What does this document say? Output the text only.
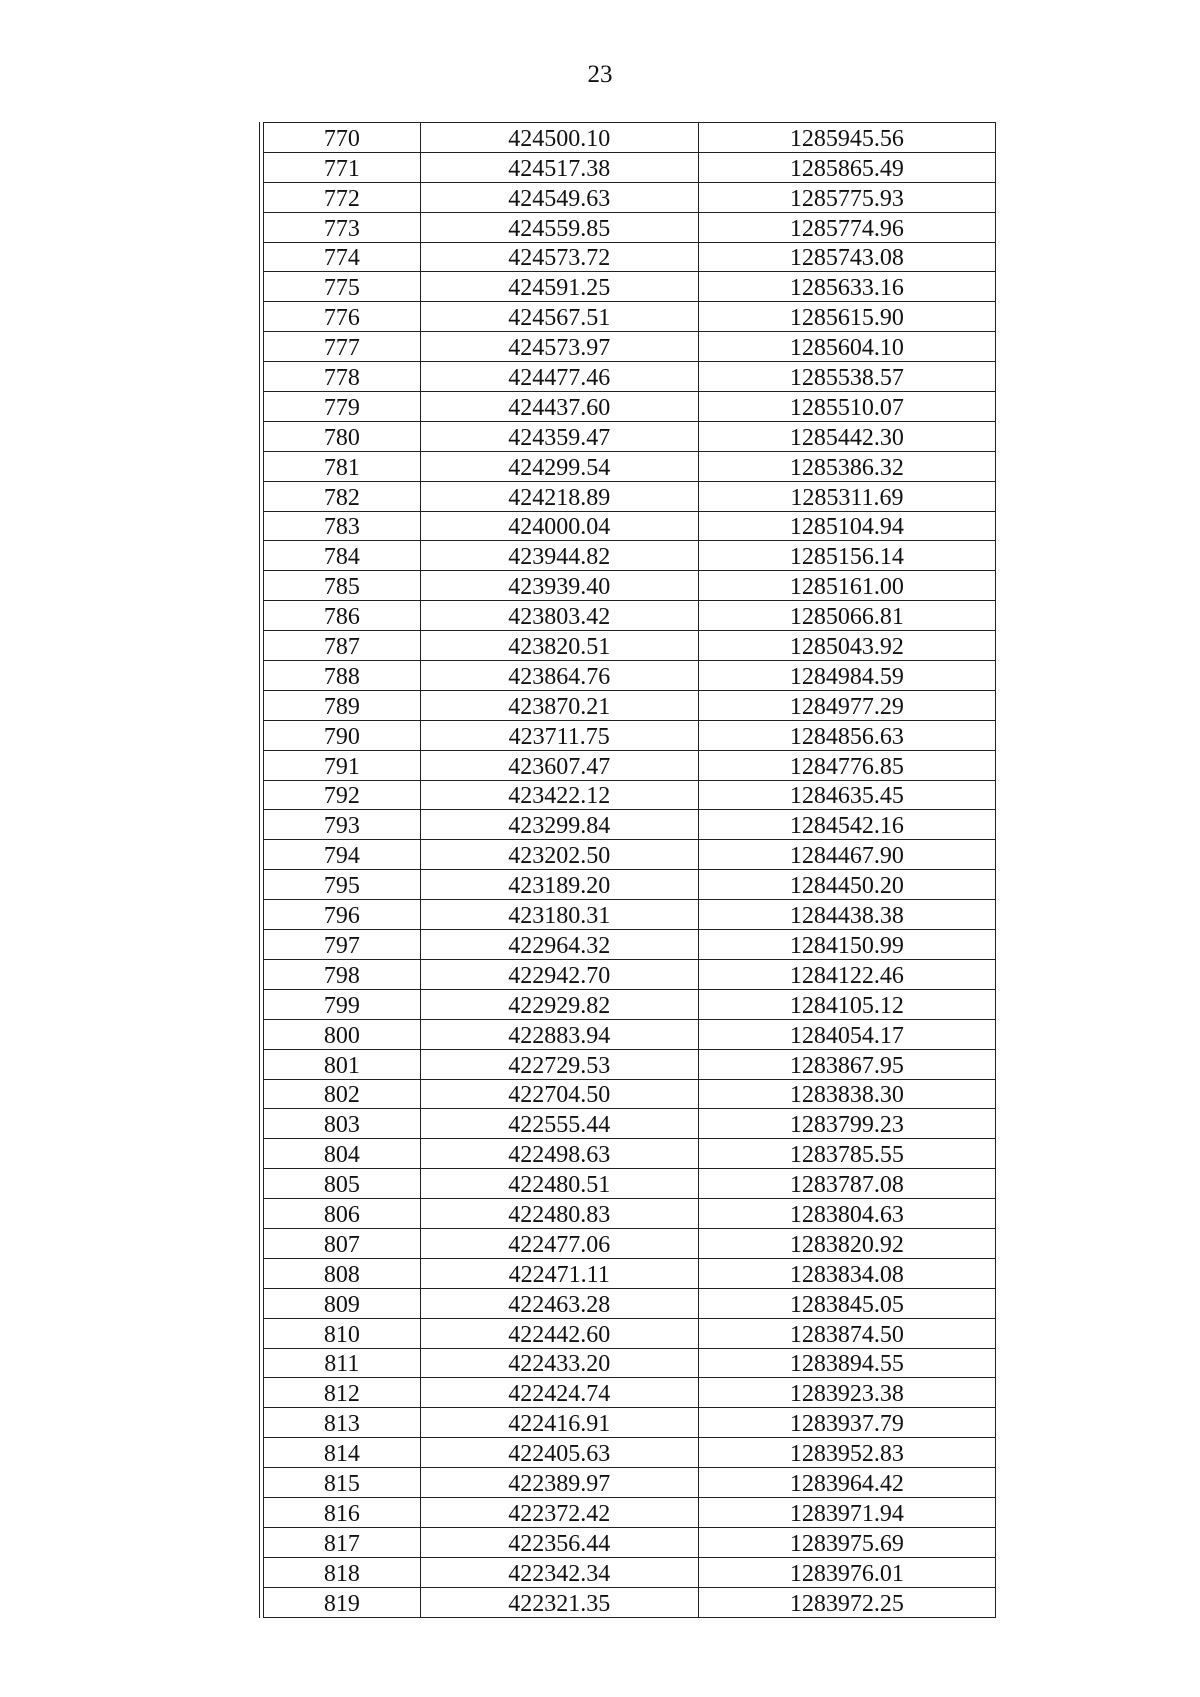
23
770	424500.10	1285945.56
771	424517.38	1285865.49
772	424549.63	1285775.93
773	424559.85	1285774.96
774	424573.72	1285743.08
775	424591.25	1285633.16
776	424567.51	1285615.90
777	424573.97	1285604.10
778	424477.46	1285538.57
779	424437.60	1285510.07
780	424359.47	1285442.30
781	424299.54	1285386.32
782	424218.89	1285311.69
783	424000.04	1285104.94
784	423944.82	1285156.14
785	423939.40	1285161.00
786	423803.42	1285066.81
787	423820.51	1285043.92
788	423864.76	1284984.59
789	423870.21	1284977.29
790	423711.75	1284856.63
791	423607.47	1284776.85
792	423422.12	1284635.45
793	423299.84	1284542.16
794	423202.50	1284467.90
795	423189.20	1284450.20
796	423180.31	1284438.38
797	422964.32	1284150.99
798	422942.70	1284122.46
799	422929.82	1284105.12
800	422883.94	1284054.17
801	422729.53	1283867.95
802	422704.50	1283838.30
803	422555.44	1283799.23
804	422498.63	1283785.55
805	422480.51	1283787.08
806	422480.83	1283804.63
807	422477.06	1283820.92
808	422471.11	1283834.08
809	422463.28	1283845.05
810	422442.60	1283874.50
811	422433.20	1283894.55
812	422424.74	1283923.38
813	422416.91	1283937.79
814	422405.63	1283952.83
815	422389.97	1283964.42
816	422372.42	1283971.94
817	422356.44	1283975.69
818	422342.34	1283976.01
819	422321.35	1283972.25
